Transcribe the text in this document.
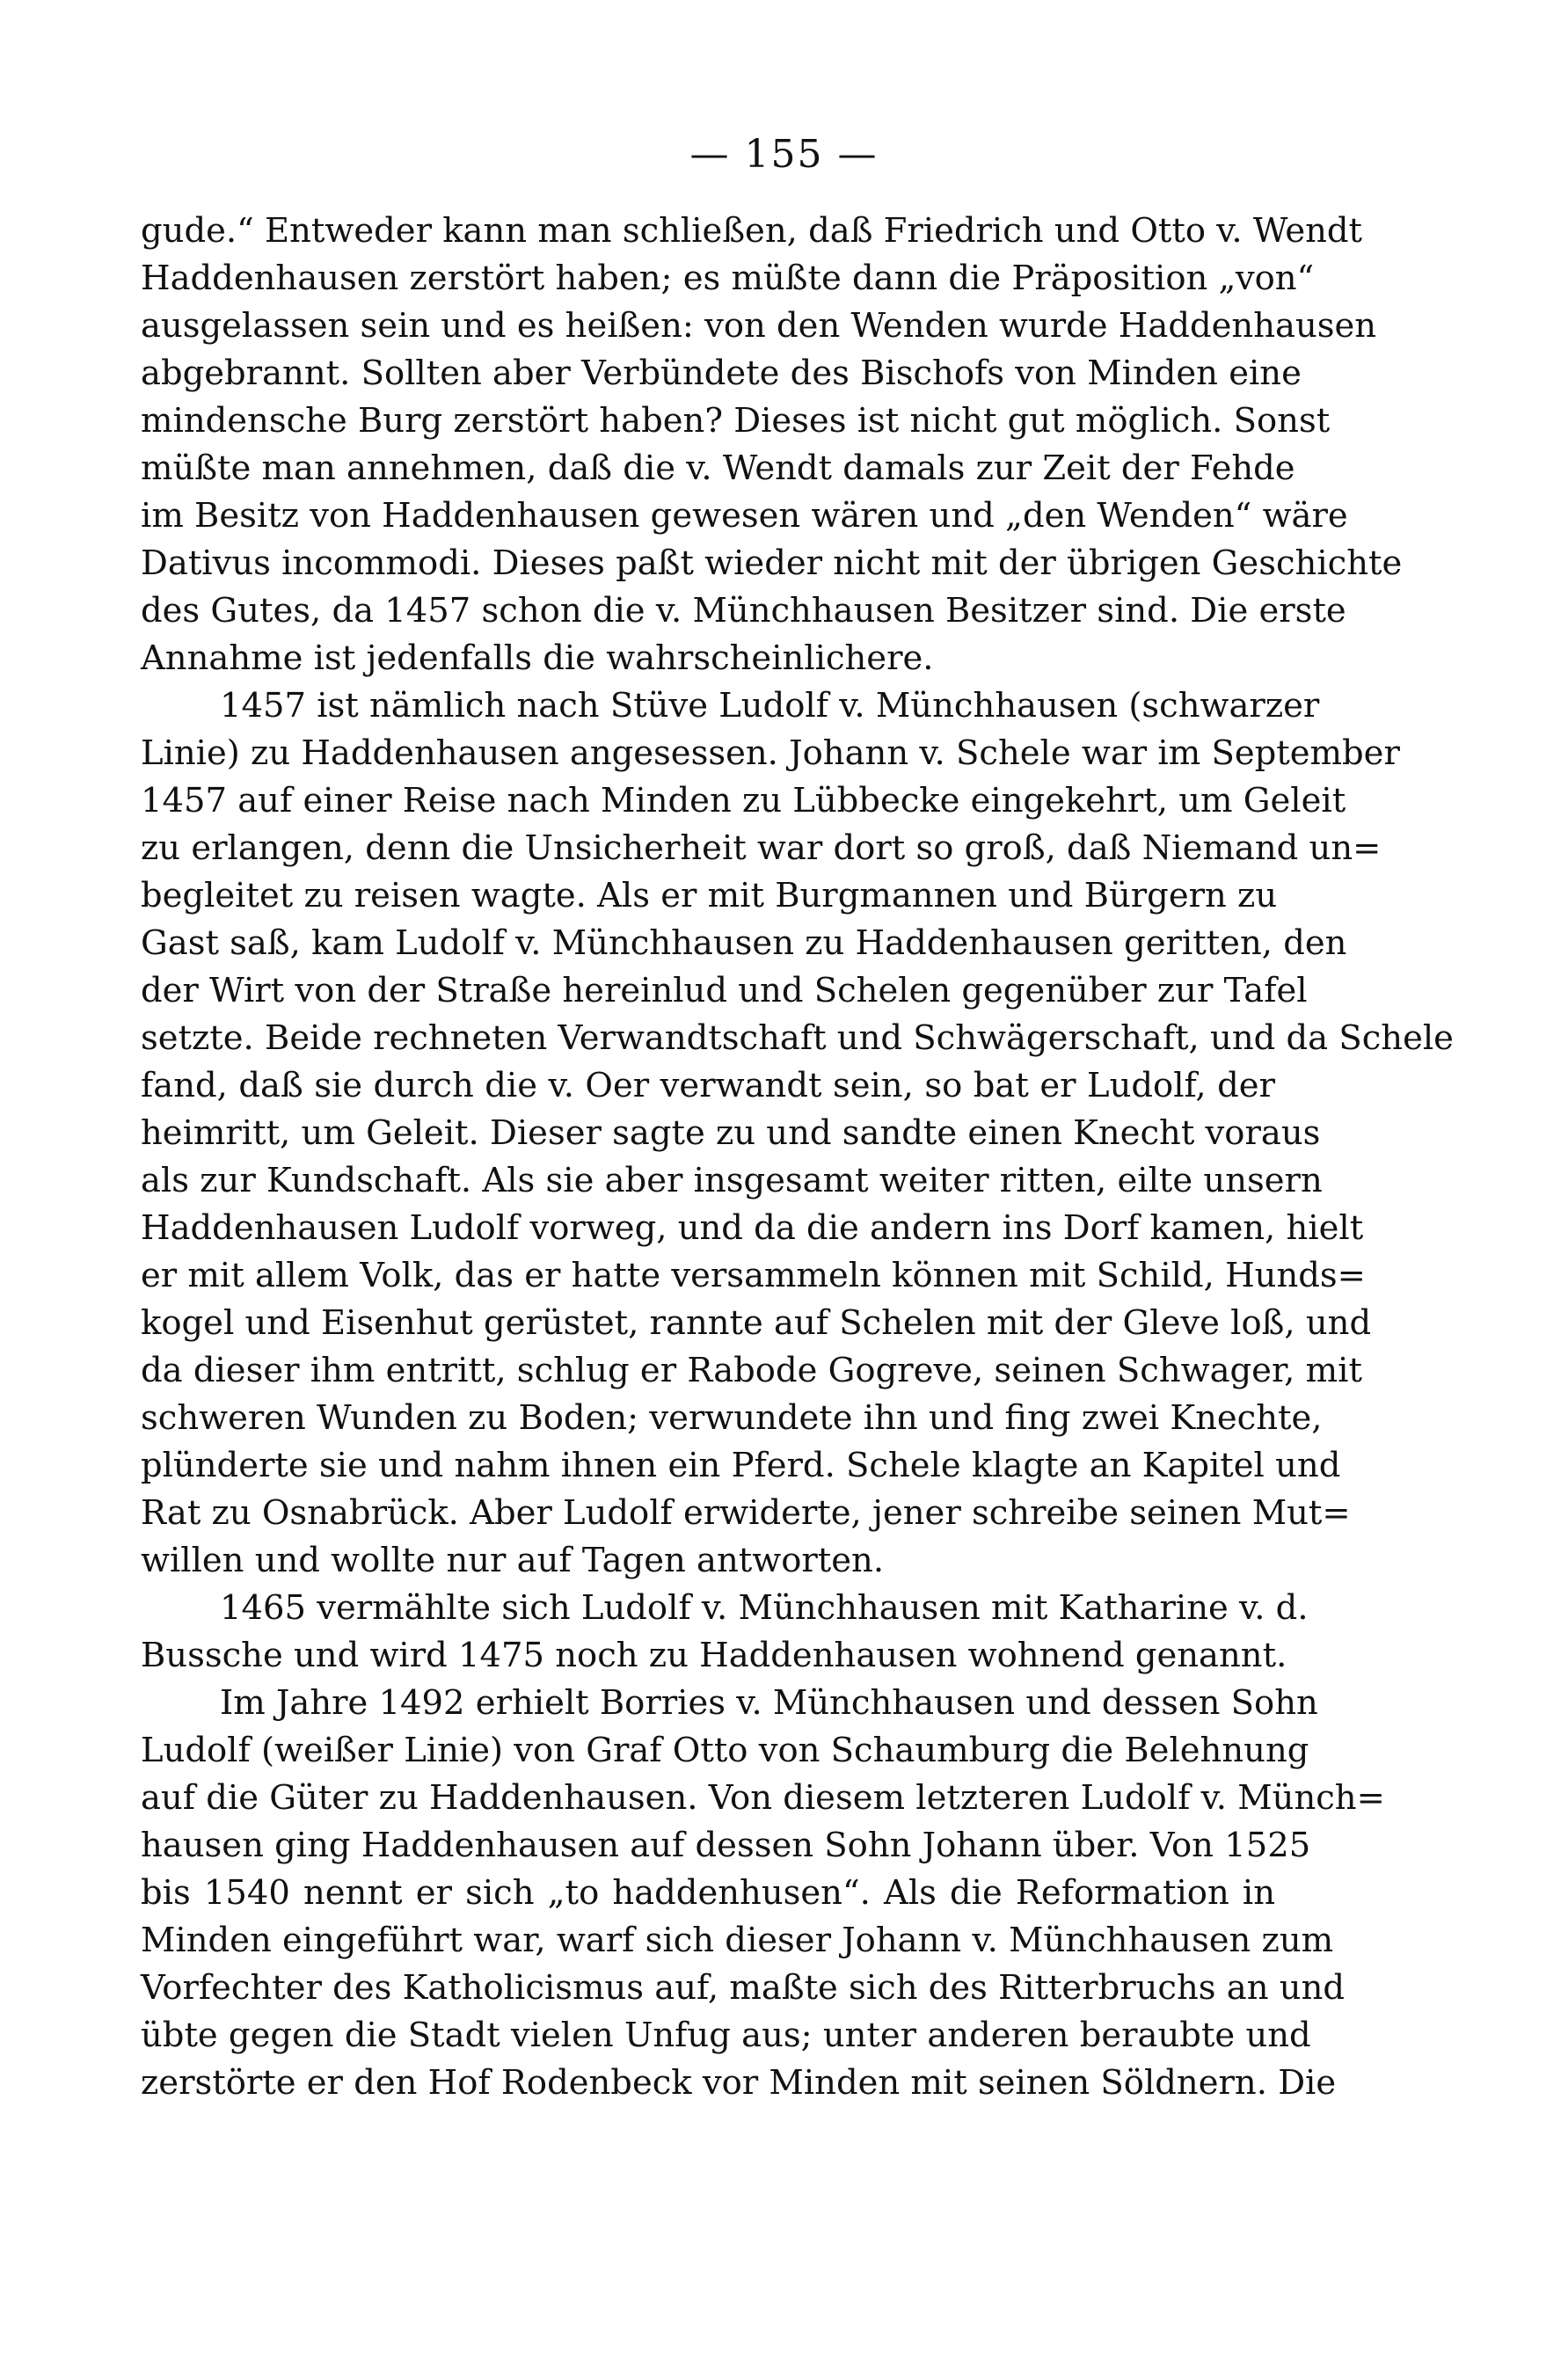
— 155 —
gude.“ Entweder kann man schließen, daß Friedrich und Otto v. Wendt
Haddenhausen zerstört haben; es müßte dann die Präposition „von“
ausgelassen sein und es heißen: von den Wenden wurde Haddenhausen
abgebrannt. Sollten aber Verbündete des Bischofs von Minden eine
mindensche Burg zerstört haben? Dieses ist nicht gut möglich. Sonst
müßte man annehmen, daß die v. Wendt damals zur Zeit der Fehde
im Besitz von Haddenhausen gewesen wären und „den Wenden“ wäre
Dativus incommodi. Dieses paßt wieder nicht mit der übrigen Geschichte
des Gutes, da 1457 schon die v. Münchhausen Besitzer sind. Die erste
Annahme ist jedenfalls die wahrscheinlichere.
1457 ist nämlich nach Stüve Ludolf v. Münchhausen (schwarzer
Linie) zu Haddenhausen angesessen. Johann v. Schele war im September
1457 auf einer Reise nach Minden zu Lübbecke eingekehrt, um Geleit
zu erlangen, denn die Unsicherheit war dort so groß, daß Niemand un=
begleitet zu reisen wagte. Als er mit Burgmannen und Bürgern zu
Gast saß, kam Ludolf v. Münchhausen zu Haddenhausen geritten, den
der Wirt von der Straße hereinlud und Schelen gegenüber zur Tafel
setzte. Beide rechneten Verwandtschaft und Schwägerschaft, und da Schele
fand, daß sie durch die v. Oer verwandt sein, so bat er Ludolf, der
heimritt, um Geleit. Dieser sagte zu und sandte einen Knecht voraus
als zur Kundschaft. Als sie aber insgesamt weiter ritten, eilte unsern
Haddenhausen Ludolf vorweg, und da die andern ins Dorf kamen, hielt
er mit allem Volk, das er hatte versammeln können mit Schild, Hunds=
kogel und Eisenhut gerüstet, rannte auf Schelen mit der Gleve loß, und
da dieser ihm entritt, schlug er Rabode Gogreve, seinen Schwager, mit
schweren Wunden zu Boden; verwundete ihn und fing zwei Knechte,
plünderte sie und nahm ihnen ein Pferd. Schele klagte an Kapitel und
Rat zu Osnabrück. Aber Ludolf erwiderte, jener schreibe seinen Mut=
willen und wollte nur auf Tagen antworten.
1465 vermählte sich Ludolf v. Münchhausen mit Katharine v. d.
Bussche und wird 1475 noch zu Haddenhausen wohnend genannt.
Im Jahre 1492 erhielt Borries v. Münchhausen und dessen Sohn
Ludolf (weißer Linie) von Graf Otto von Schaumburg die Belehnung
auf die Güter zu Haddenhausen. Von diesem letzteren Ludolf v. Münch=
hausen ging Haddenhausen auf dessen Sohn Johann über. Von 1525
bis 1540 nennt er sich „to haddenhusen“. Als die Reformation in
Minden eingeführt war, warf sich dieser Johann v. Münchhausen zum
Vorfechter des Katholicismus auf, maßte sich des Ritterbruchs an und
übte gegen die Stadt vielen Unfug aus; unter anderen beraubte und
zerstörte er den Hof Rodenbeck vor Minden mit seinen Söldnern. Die
